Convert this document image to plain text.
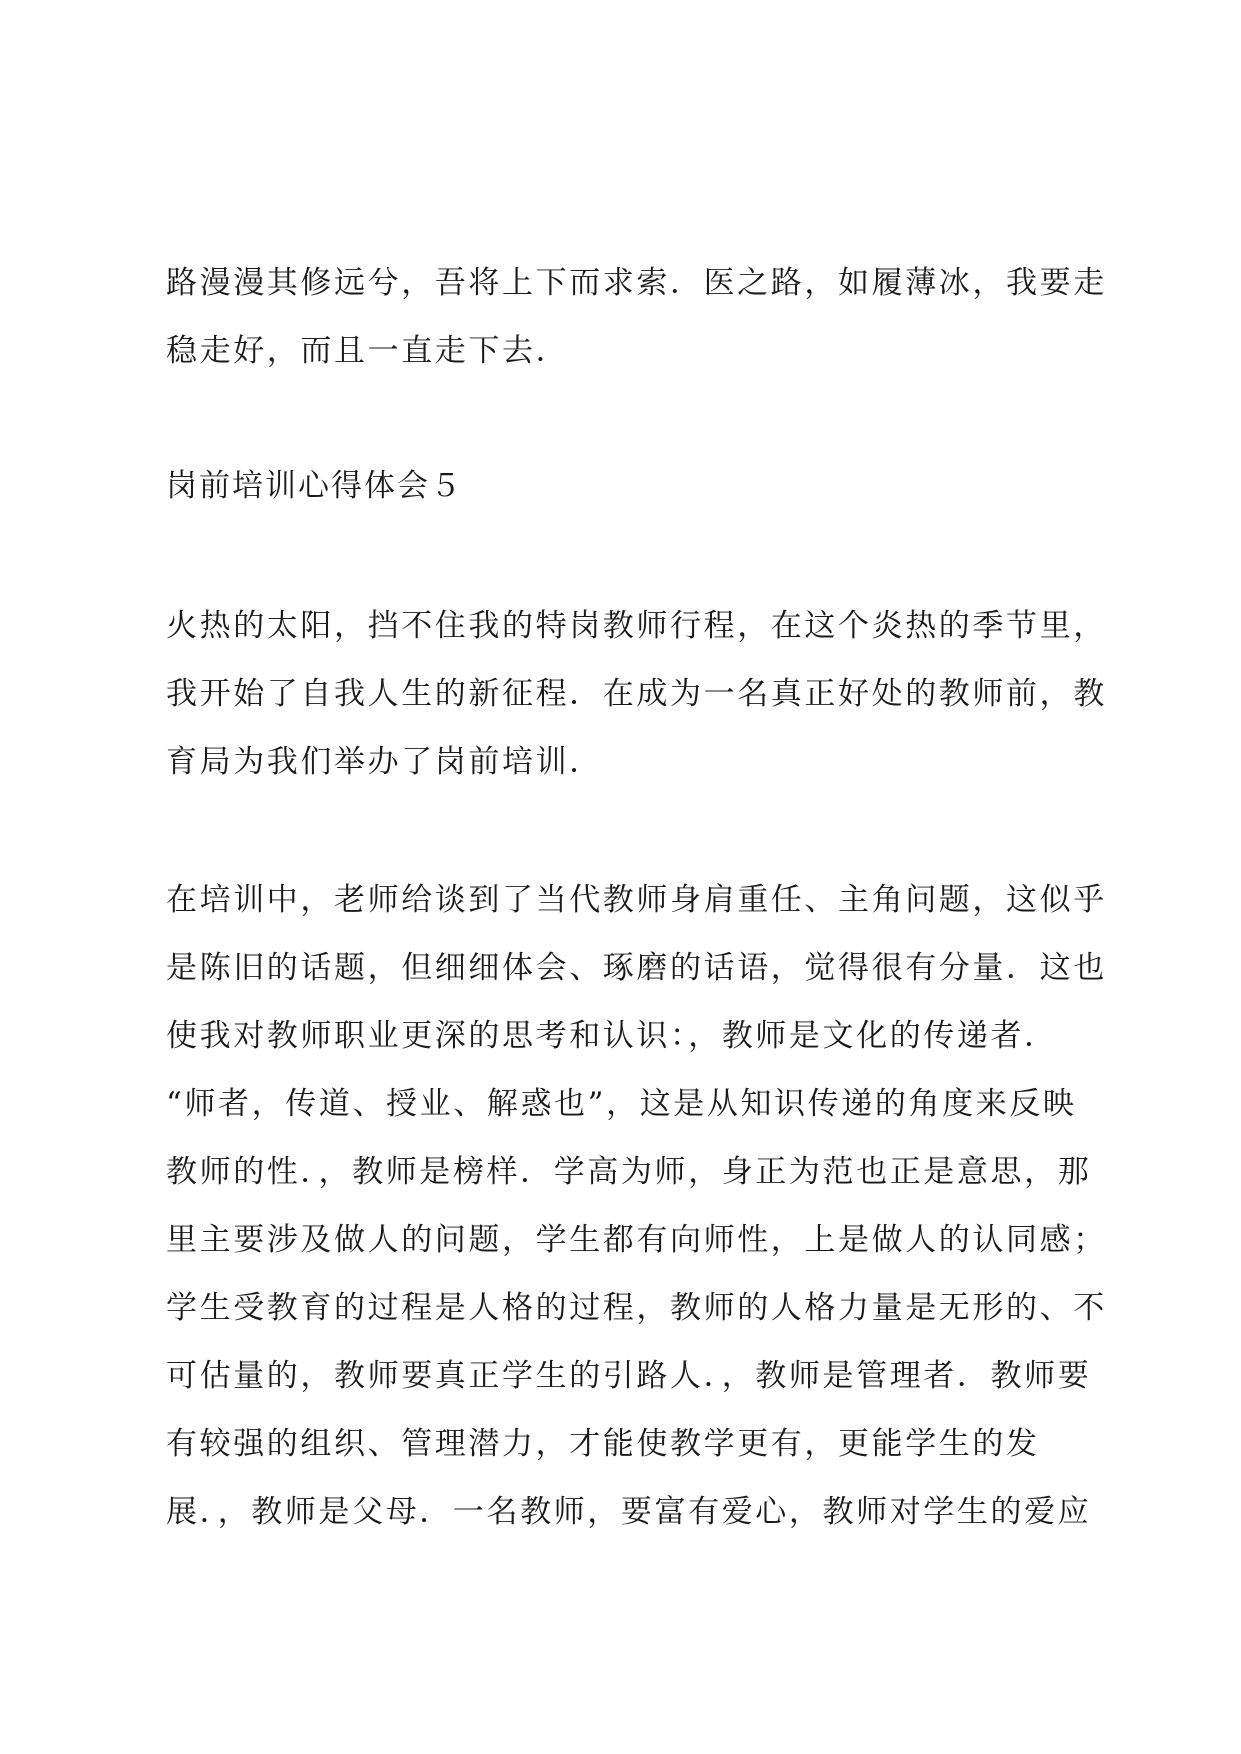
路漫漫其修远兮，吾将上下而求索．医之路，如履薄冰，我要走
稳走好，而且一直走下去．
岗前培训心得体会５
火热的太阳，挡不住我的特岗教师行程，在这个炎热的季节里，
我开始了自我人生的新征程．在成为一名真正好处的教师前，教
育局为我们举办了岗前培训．
在培训中，老师给谈到了当代教师身肩重任、主角问题，这似乎
是陈旧的话题，但细细体会、琢磨的话语，觉得很有分量．这也
使我对教师职业更深的思考和认识：，教师是文化的传递者．
“师者，传道、授业、解惑也”，这是从知识传递的角度来反映
教师的性．，教师是榜样．学高为师，身正为范也正是意思，那
里主要涉及做人的问题，学生都有向师性，上是做人的认同感；
学生受教育的过程是人格的过程，教师的人格力量是无形的、不
可估量的，教师要真正学生的引路人．，教师是管理者．教师要
有较强的组织、管理潜力，才能使教学更有，更能学生的发
展．，教师是父母．一名教师，要富有爱心，教师对学生的爱应
